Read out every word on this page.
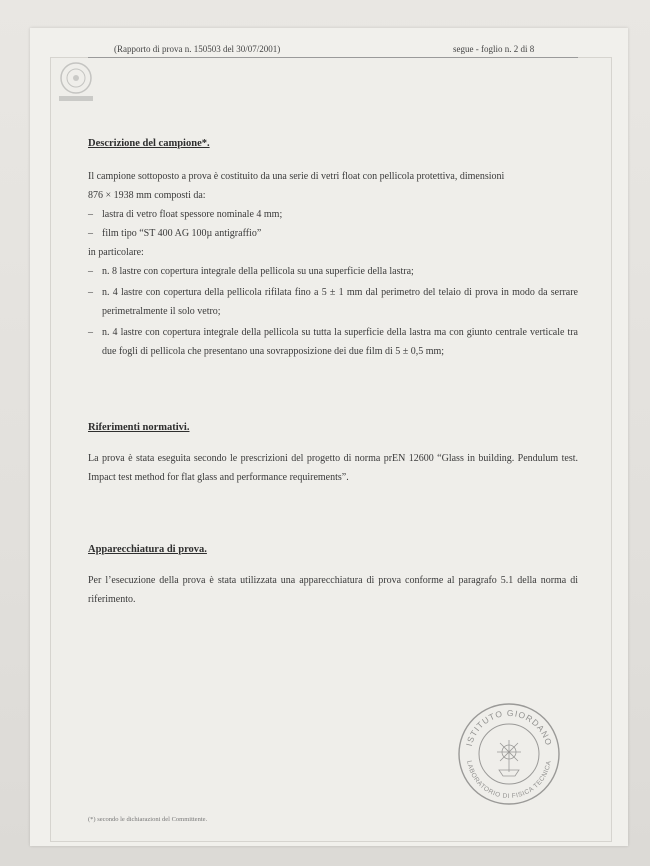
(Rapporto di prova n. 150503 del 30/07/2001)	segue - foglio n. 2 di 8
Descrizione del campione*.
Il campione sottoposto a prova è costituito da una serie di vetri float con pellicola protettiva, dimensioni
876 × 1938 mm composti da:
– lastra di vetro float spessore nominale 4 mm;
– film tipo “ST 400 AG 100µ antigraffio”
in particolare:
– n. 8 lastre con copertura integrale della pellicola su una superficie della lastra;
– n. 4 lastre con copertura della pellicola rifilata fino a 5 ± 1 mm dal perimetro del telaio di prova in modo da serrare perimetralmente il solo vetro;
– n. 4 lastre con copertura integrale della pellicola su tutta la superficie della lastra ma con giunto centrale verticale tra due fogli di pellicola che presentano una sovrapposizione dei due film di 5 ± 0,5 mm;
Riferimenti normativi.
La prova è stata eseguita secondo le prescrizioni del progetto di norma prEN 12600 “Glass in building. Pendulum test. Impact test method for flat glass and performance requirements”.
Apparecchiatura di prova.
Per l’esecuzione della prova è stata utilizzata una apparecchiatura di prova conforme al paragrafo 5.1 della norma di riferimento.
ISTITUTO GIORDANO
LABORATORIO DI FISICA TECNICA
(*) secondo le dichiarazioni del Committente.
